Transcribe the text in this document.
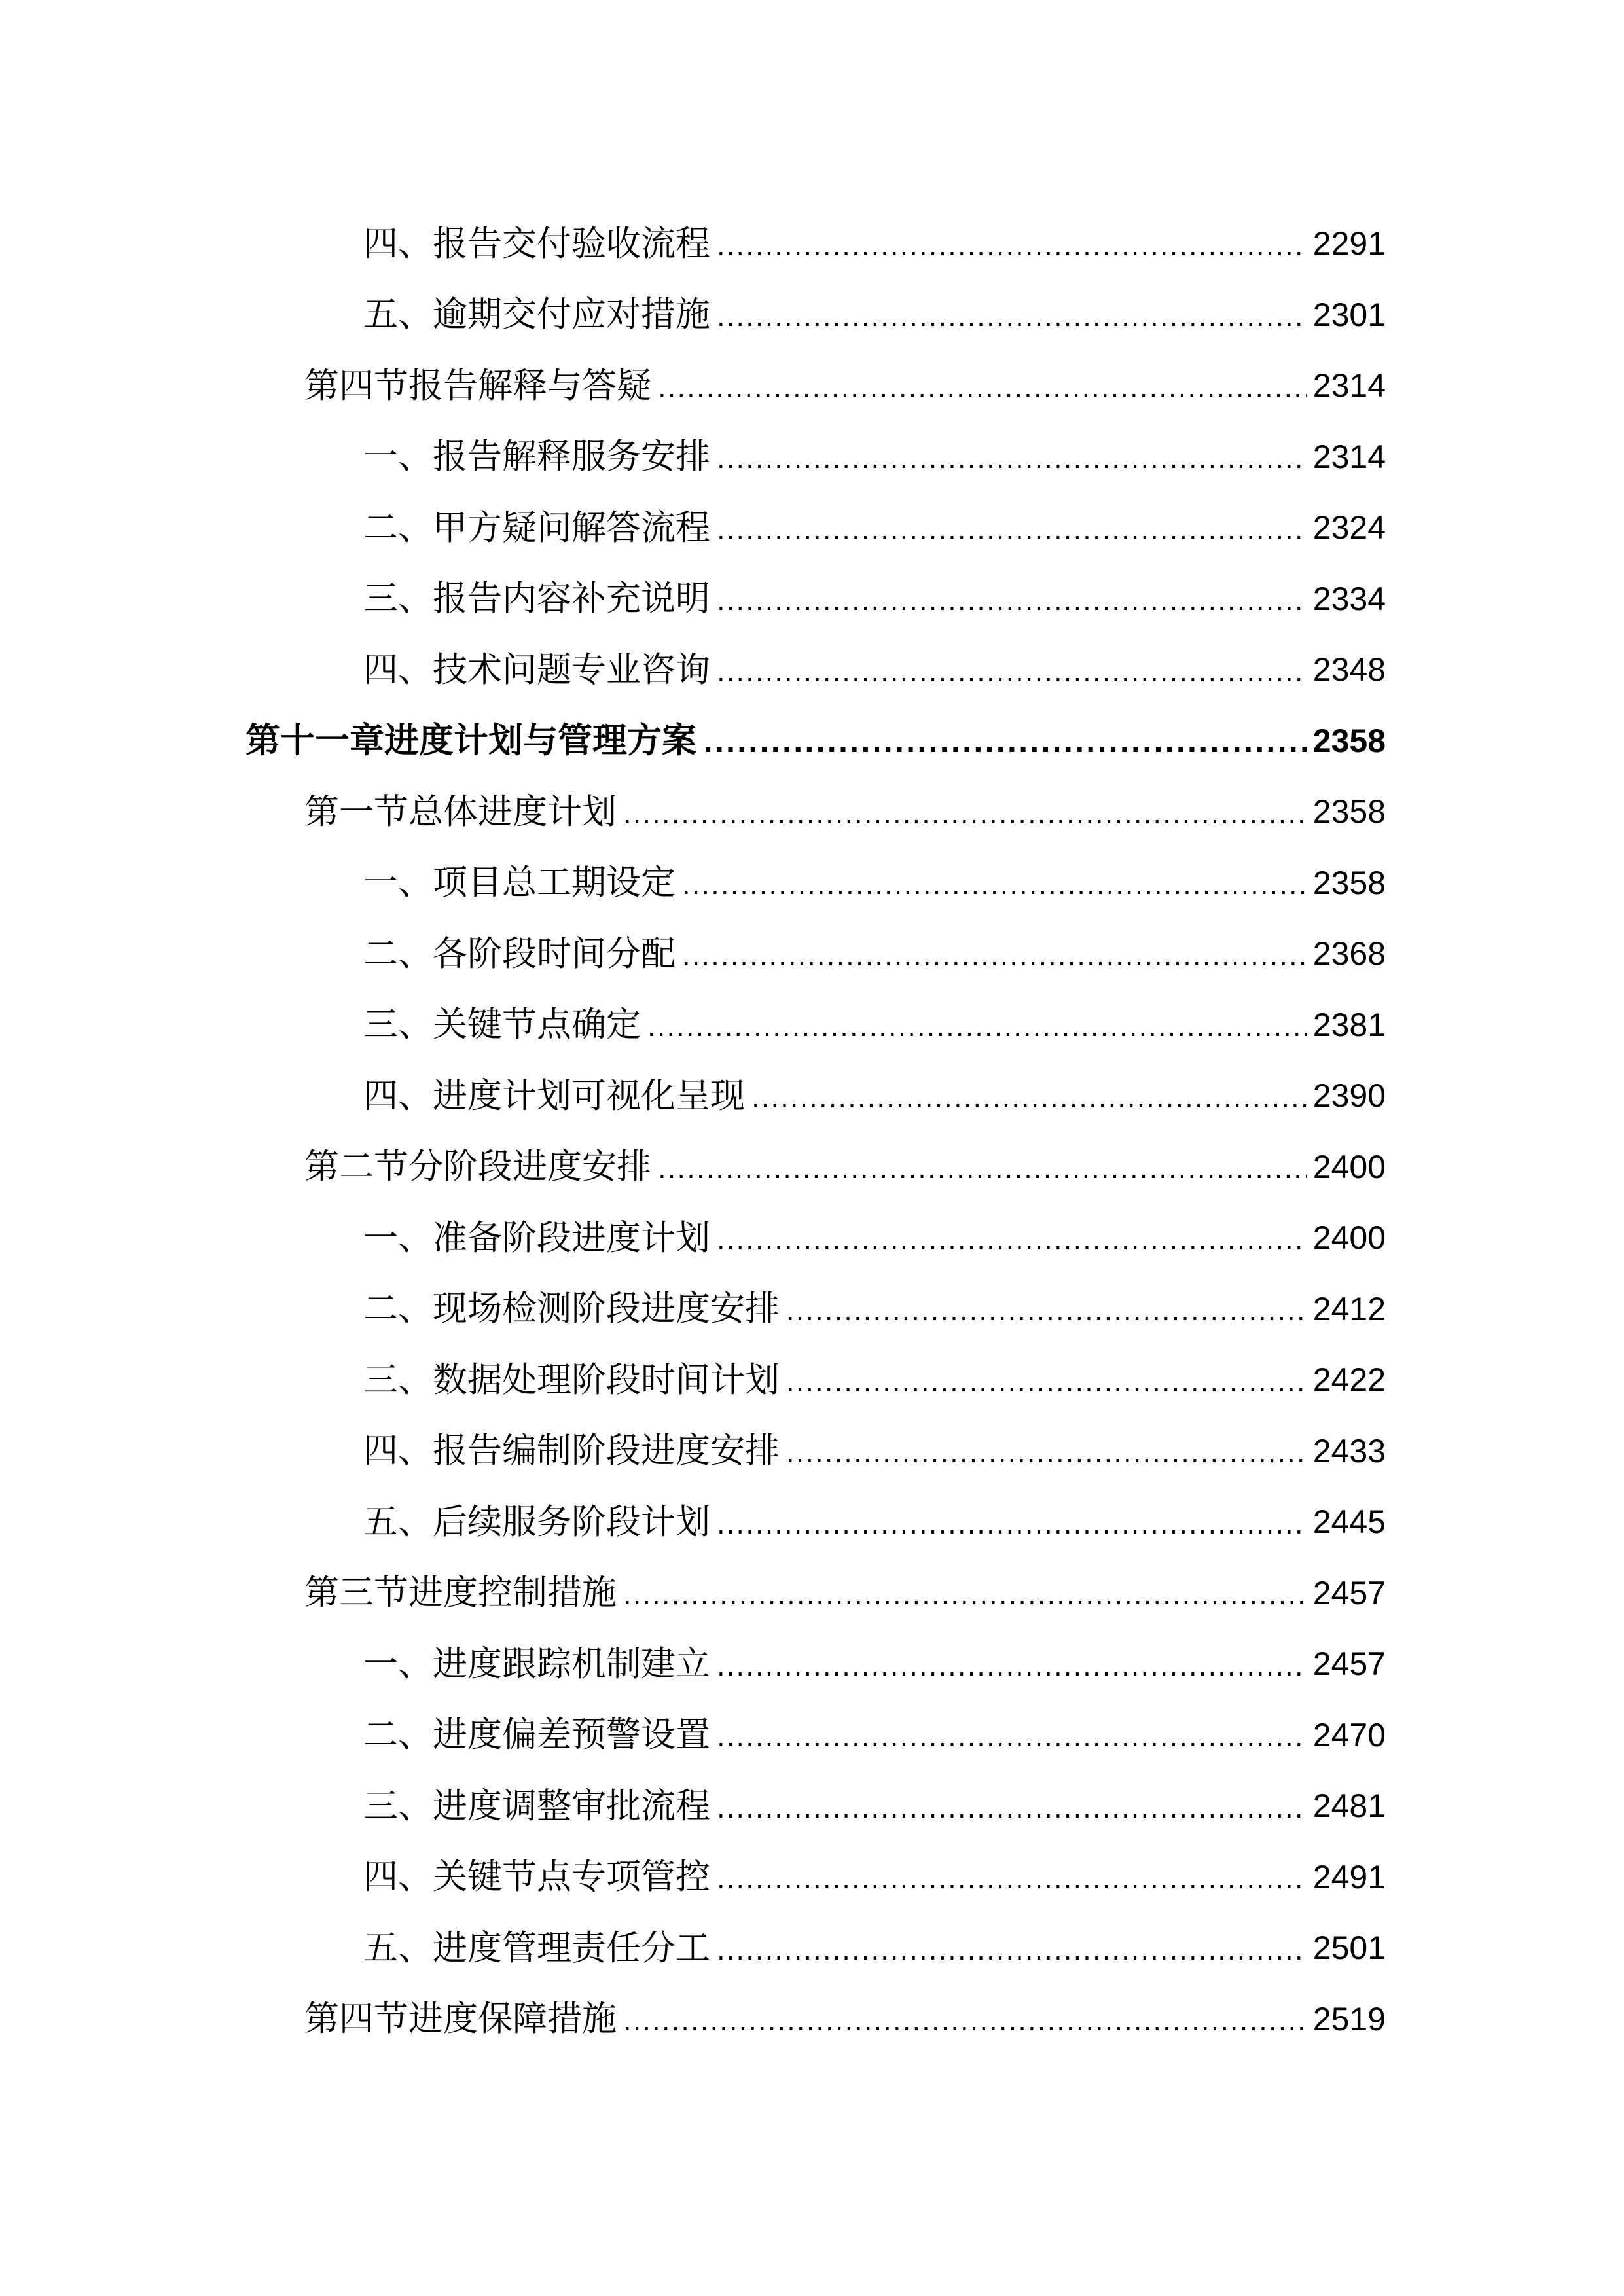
四、报告交付验收流程 .....	2291
五、逾期交付应对措施 .....	2301
第四节报告解释与答疑 .....	2314
一、报告解释服务安排 .....	2314
二、甲方疑问解答流程 .....	2324
三、报告内容补充说明 .....	2334
四、技术问题专业咨询 .....	2348
第十一章进度计划与管理方案 .....	2358
第一节总体进度计划 .....	2358
一、项目总工期设定 .....	2358
二、各阶段时间分配 .....	2368
三、关键节点确定 .....	2381
四、进度计划可视化呈现 .....	2390
第二节分阶段进度安排 .....	2400
一、准备阶段进度计划 .....	2400
二、现场检测阶段进度安排 .....	2412
三、数据处理阶段时间计划 .....	2422
四、报告编制阶段进度安排 .....	2433
五、后续服务阶段计划 .....	2445
第三节进度控制措施 .....	2457
一、进度跟踪机制建立 .....	2457
二、进度偏差预警设置 .....	2470
三、进度调整审批流程 .....	2481
四、关键节点专项管控 .....	2491
五、进度管理责任分工 .....	2501
第四节进度保障措施 .....	2519
